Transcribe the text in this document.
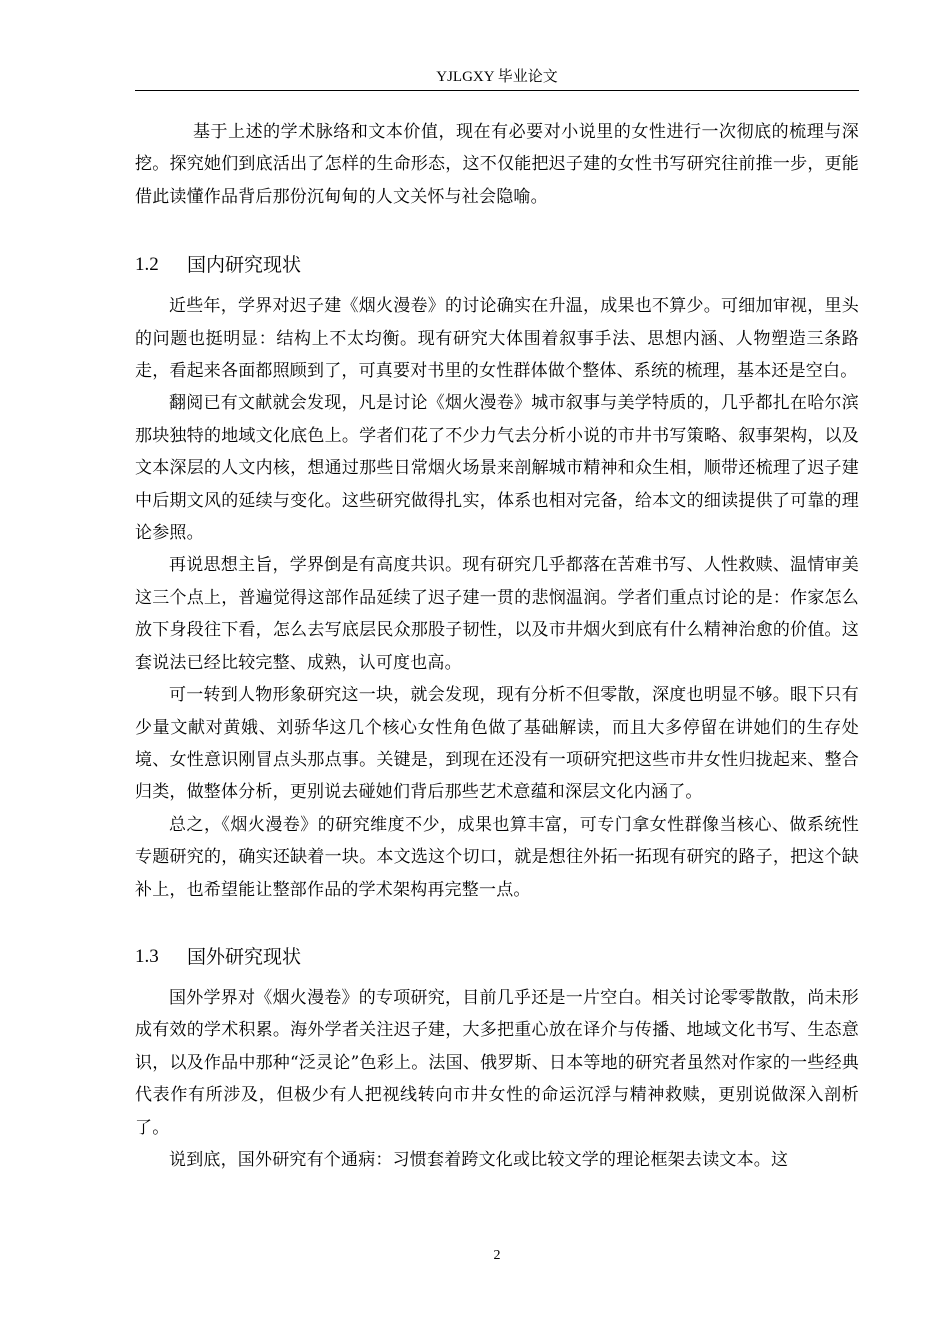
YJLGXY 毕业论文

基于上述的学术脉络和文本价值，现在有必要对小说里的女性进行一次彻底的梳理与深挖。探究她们到底活出了怎样的生命形态，这不仅能把迟子建的女性书写研究往前推一步，更能借此读懂作品背后那份沉甸甸的人文关怀与社会隐喻。

1.2	国内研究现状

近些年，学界对迟子建《烟火漫卷》的讨论确实在升温，成果也不算少。可细加审视，里头的问题也挺明显：结构上不太均衡。现有研究大体围着叙事手法、思想内涵、人物塑造三条路走，看起来各面都照顾到了，可真要对书里的女性群体做个整体、系统的梳理，基本还是空白。

翻阅已有文献就会发现，凡是讨论《烟火漫卷》城市叙事与美学特质的，几乎都扎在哈尔滨那块独特的地域文化底色上。学者们花了不少力气去分析小说的市井书写策略、叙事架构，以及文本深层的人文内核，想通过那些日常烟火场景来剖解城市精神和众生相，顺带还梳理了迟子建中后期文风的延续与变化。这些研究做得扎实，体系也相对完备，给本文的细读提供了可靠的理论参照。

再说思想主旨，学界倒是有高度共识。现有研究几乎都落在苦难书写、人性救赎、温情审美这三个点上，普遍觉得这部作品延续了迟子建一贯的悲悯温润。学者们重点讨论的是：作家怎么放下身段往下看，怎么去写底层民众那股子韧性，以及市井烟火到底有什么精神治愈的价值。这套说法已经比较完整、成熟，认可度也高。

可一转到人物形象研究这一块，就会发现，现有分析不但零散，深度也明显不够。眼下只有少量文献对黄娥、刘骄华这几个核心女性角色做了基础解读，而且大多停留在讲她们的生存处境、女性意识刚冒点头那点事。关键是，到现在还没有一项研究把这些市井女性归拢起来、整合归类，做整体分析，更别说去碰她们背后那些艺术意蕴和深层文化内涵了。

总之，《烟火漫卷》的研究维度不少，成果也算丰富，可专门拿女性群像当核心、做系统性专题研究的，确实还缺着一块。本文选这个切口，就是想往外拓一拓现有研究的路子，把这个缺补上，也希望能让整部作品的学术架构再完整一点。

1.3	国外研究现状

国外学界对《烟火漫卷》的专项研究，目前几乎还是一片空白。相关讨论零零散散，尚未形成有效的学术积累。海外学者关注迟子建，大多把重心放在译介与传播、地域文化书写、生态意识，以及作品中那种“泛灵论”色彩上。法国、俄罗斯、日本等地的研究者虽然对作家的一些经典代表作有所涉及，但极少有人把视线转向市井女性的命运沉浮与精神救赎，更别说做深入剖析了。

说到底，国外研究有个通病：习惯套着跨文化或比较文学的理论框架去读文本。这

2
